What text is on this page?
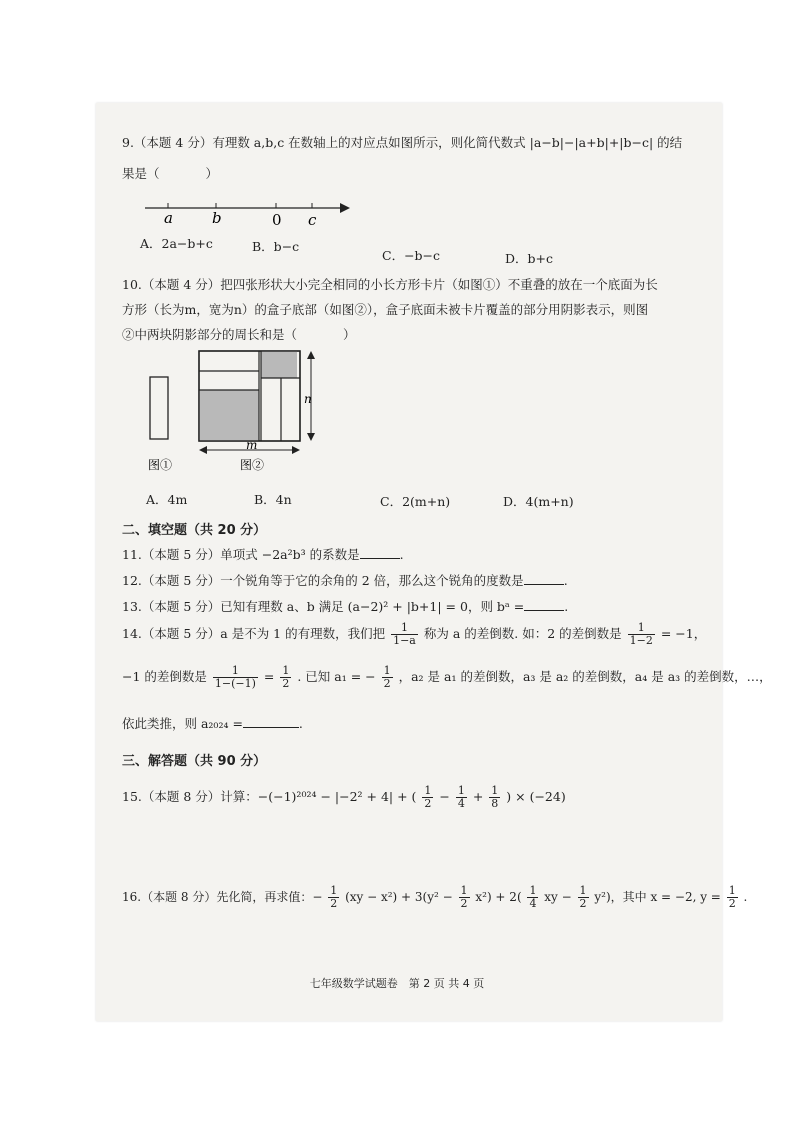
9.（本题 4 分）有理数 a,b,c 在数轴上的对应点如图所示，则化简代数式 |a−b|−|a+b|+|b−c| 的结
果是（	）
a	b	0 c
A．2a−b+c	B．b−c
C．−b−c	D．b+c
10.（本题 4 分）把四张形状大小完全相同的小长方形卡片（如图①）不重叠的放在一个底面为长
方形（长为m，宽为n）的盒子底部（如图②），盒子底面未被卡片覆盖的部分用阴影表示，则图
②中两块阴影部分的周长和是（	）
图①
n
m
图②
A．4m	B．4n	C．2(m+n)	D．4(m+n)
二、填空题（共 20 分）
11.（本题 5 分）单项式 −2a²b³ 的系数是	.
12.（本题 5 分）一个锐角等于它的余角的 2 倍，那么这个锐角的度数是	.
13.（本题 5 分）已知有理数 a、b 满足 (a−2)² + |b+1| = 0，则 bᵃ =	.
14.（本题 5 分）a 是不为 1 的有理数，我们把 $\frac{1}{1-a}$ 称为 a 的差倒数. 如：2 的差倒数是 $\frac{1}{1-2} = -1$，
−1 的差倒数是 $\frac{1}{1-(-1)} = \frac{1}{2}$ . 已知 a₁ = − $\frac{1}{2}$ ，a₂ 是 a₁ 的差倒数，a₃ 是 a₂ 的差倒数，a₄ 是 a₃ 的差倒数，…，
依此类推，则 a₂₀₂₄ =	.
三、解答题（共 90 分）
15.（本题 8 分）计算：−(−1)²⁰²⁴ − |−2² + 4| + ( $\frac{1}{2} - \frac{1}{4} + \frac{1}{8}$ ) × (−24)
16.（本题 8 分）先化简，再求值：− $\frac{1}{2} (xy - x^2) + 3(y^2 - \frac{1}{2} x^2) + 2( \frac{1}{4}$ xy − $\frac{1}{2} y^2$)，其中 x = −2, $y = \frac{1}{2}$ .
七年级数学试题卷　第 2 页 共 4 页
